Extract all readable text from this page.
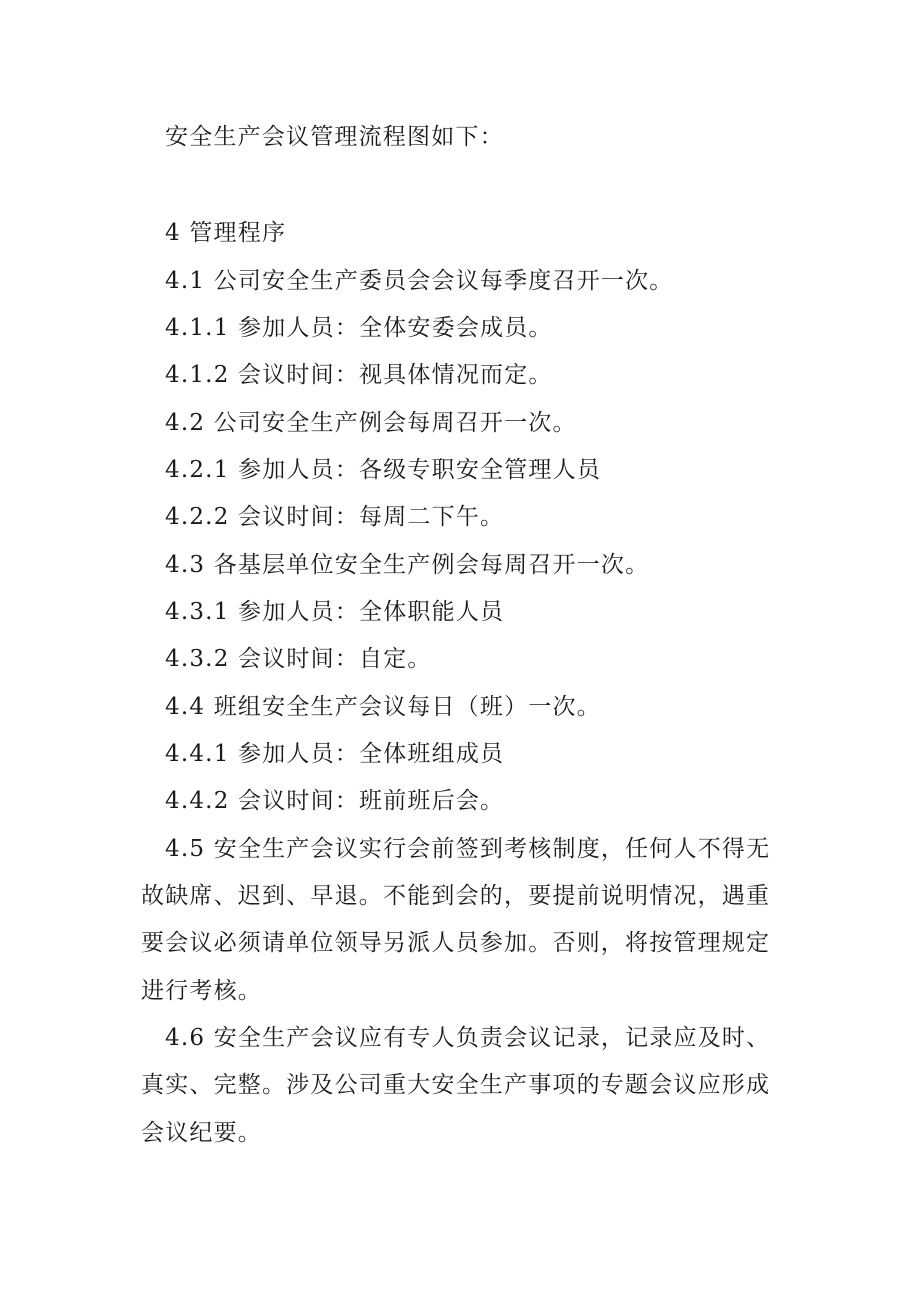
安全生产会议管理流程图如下：
4 管理程序
4.1 公司安全生产委员会会议每季度召开一次。
4.1.1 参加人员：全体安委会成员。
4.1.2 会议时间：视具体情况而定。
4.2 公司安全生产例会每周召开一次。
4.2.1 参加人员：各级专职安全管理人员
4.2.2 会议时间：每周二下午。
4.3 各基层单位安全生产例会每周召开一次。
4.3.1 参加人员：全体职能人员
4.3.2 会议时间：自定。
4.4 班组安全生产会议每日（班）一次。
4.4.1 参加人员：全体班组成员
4.4.2 会议时间：班前班后会。
4.5 安全生产会议实行会前签到考核制度，任何人不得无
故缺席、迟到、早退。不能到会的，要提前说明情况，遇重
要会议必须请单位领导另派人员参加。否则，将按管理规定
进行考核。
4.6 安全生产会议应有专人负责会议记录，记录应及时、
真实、完整。涉及公司重大安全生产事项的专题会议应形成
会议纪要。
